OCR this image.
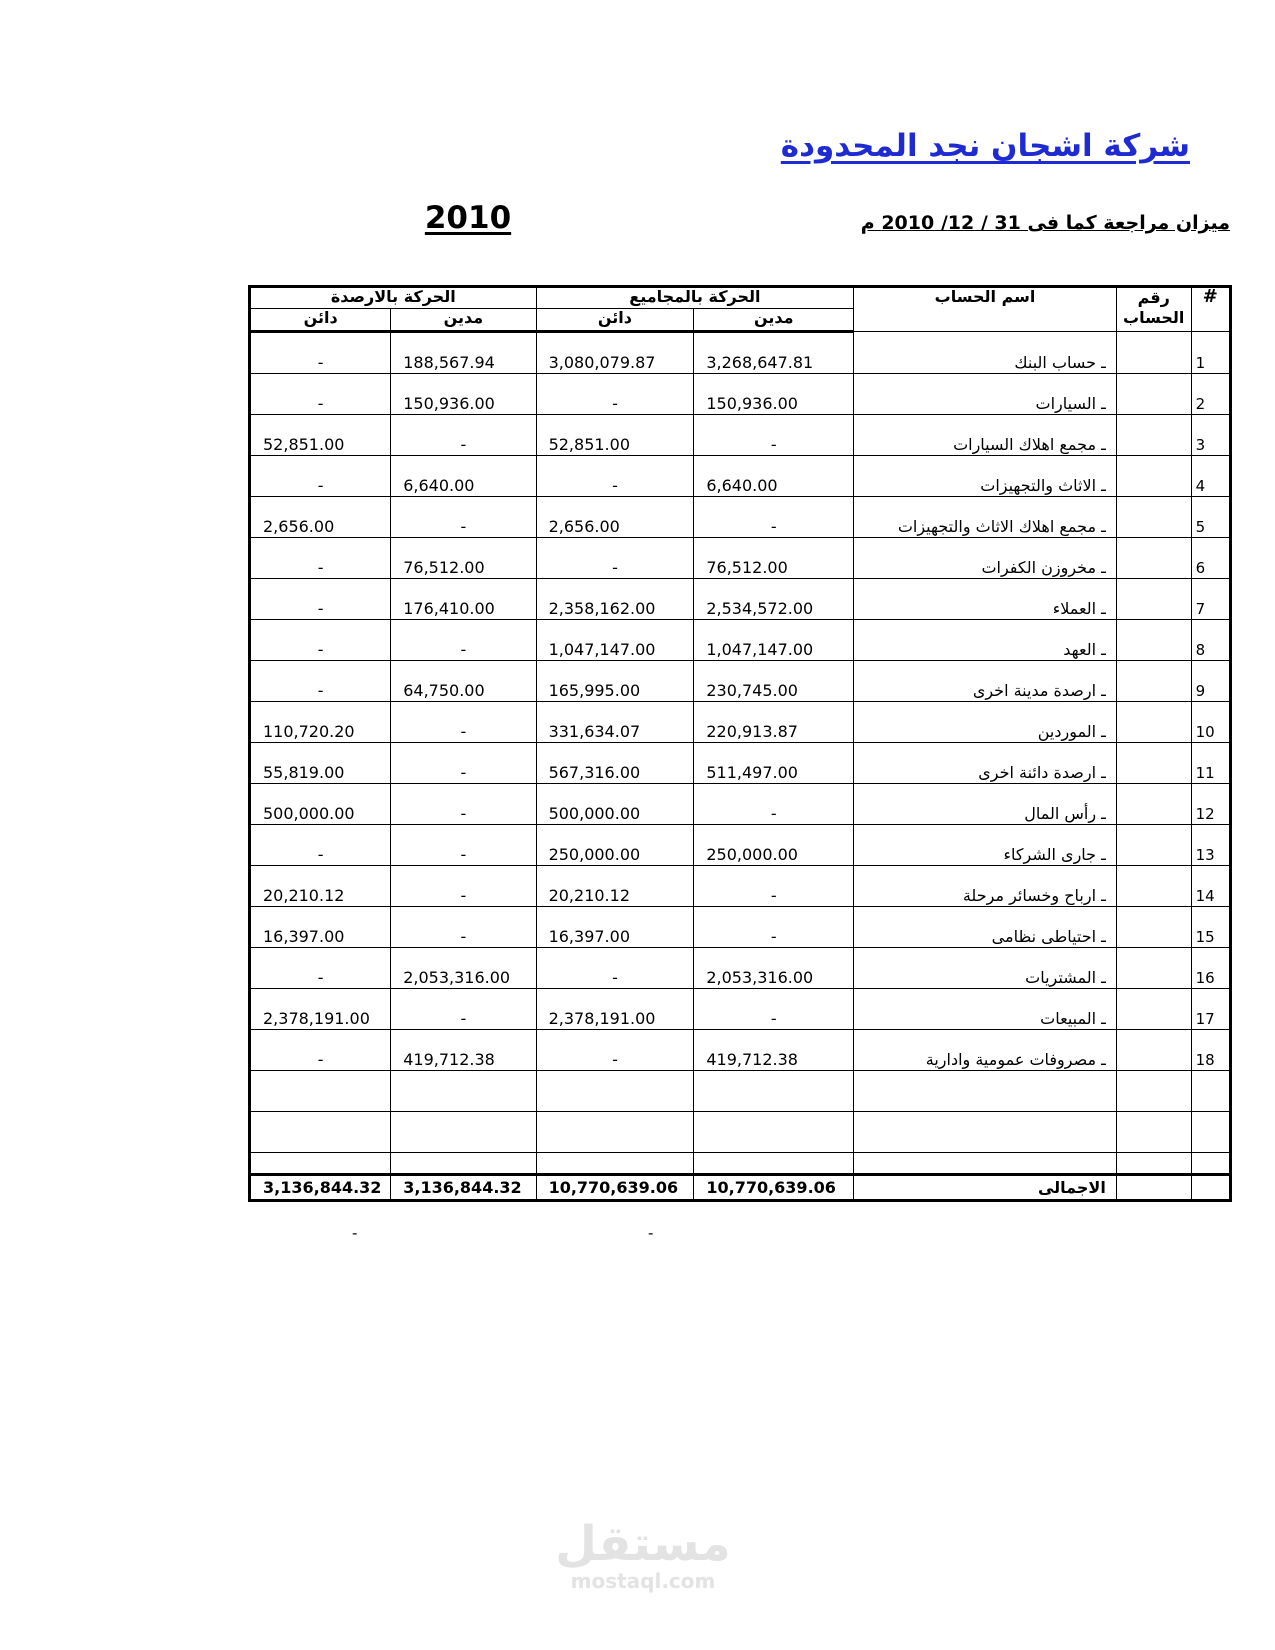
شركة اشجان نجد المحدودة
ميزان مراجعة كما فى 31 / 12/ 2010 م
2010
#	رقم الحساب	اسم الحساب	الحركة بالمجاميع		الحركة بالارصدة	
			مدين	دائن	مدين	دائن
1		ـ حساب البنك	3,268,647.81	3,080,079.87	188,567.94	-
2		ـ السيارات	150,936.00	-	150,936.00	-
3		ـ مجمع اهلاك السيارات	-	52,851.00	-	52,851.00
4		ـ الاثاث والتجهيزات	6,640.00	-	6,640.00	-
5		ـ مجمع اهلاك الاثاث والتجهيزات	-	2,656.00	-	2,656.00
6		ـ مخروزن الكفرات	76,512.00	-	76,512.00	-
7		ـ العملاء	2,534,572.00	2,358,162.00	176,410.00	-
8		ـ العهد	1,047,147.00	1,047,147.00	-	-
9		ـ ارصدة مدينة اخرى	230,745.00	165,995.00	64,750.00	-
10		ـ الموردين	220,913.87	331,634.07	-	110,720.20
11		ـ ارصدة دائنة اخرى	511,497.00	567,316.00	-	55,819.00
12		ـ رأس المال	-	500,000.00	-	500,000.00
13		ـ جارى الشركاء	250,000.00	250,000.00	-	-
14		ـ ارباح وخسائر مرحلة	-	20,210.12	-	20,210.12
15		ـ احتياطى نظامى	-	16,397.00	-	16,397.00
16		ـ المشتريات	2,053,316.00	-	2,053,316.00	-
17		ـ المبيعات	-	2,378,191.00	-	2,378,191.00
18		ـ مصروفات عمومية وادارية	419,712.38	-	419,712.38	-

		الاجمالى	10,770,639.06	10,770,639.06	3,136,844.32	3,136,844.32
-	-
مستقل
mostaql.com
